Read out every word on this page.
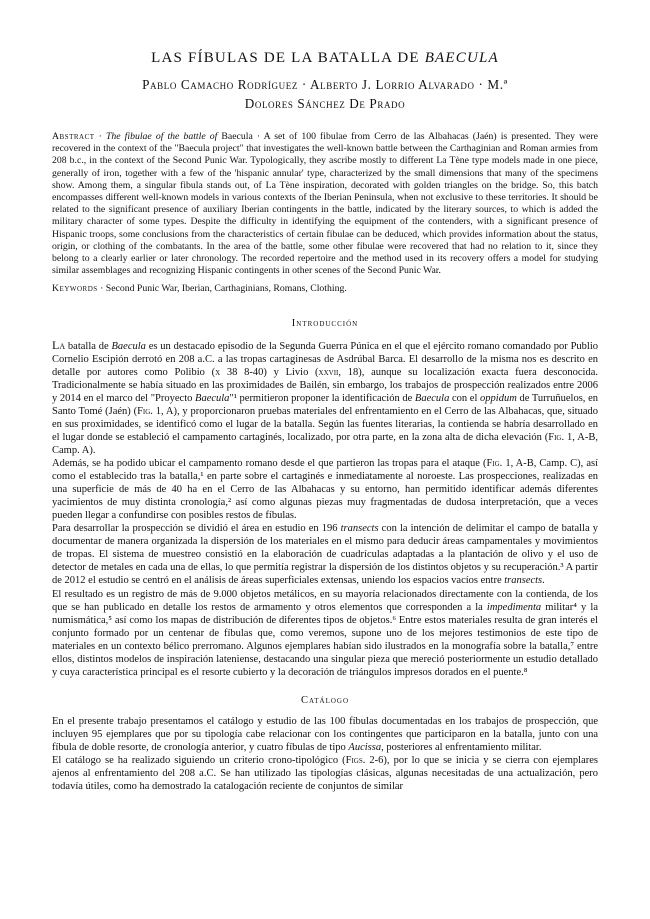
LAS FÍBULAS DE LA BATALLA DE BAECULA
Pablo Camacho Rodríguez · Alberto J. Lorrio Alvarado · M.ª
Dolores Sánchez De Prado

Abstract · The fibulae of the battle of Baecula · A set of 100 fibulae from Cerro de las Albahacas (Jaén) is presented. They were recovered in the context of the "Baecula project" that investigates the well-known battle between the Carthaginian and Roman armies from 208 b.c., in the context of the Second Punic War. Typologically, they ascribe mostly to different La Tène type models made in one piece, generally of iron, together with a few of the 'hispanic annular' type, characterized by the small dimensions that many of the specimens show. Among them, a singular fibula stands out, of La Tène inspiration, decorated with golden triangles on the bridge. So, this batch encompasses different well-known models in various contexts of the Iberian Peninsula, when not exclusive to these territories. It should be related to the significant presence of auxiliary Iberian contingents in the battle, indicated by the literary sources, to which is added the military character of some types. Despite the difficulty in identifying the equipment of the contenders, with a significant presence of Hispanic troops, some conclusions from the characteristics of certain fibulae can be deduced, which provides information about the status, origin, or clothing of the combatants. In the area of the battle, some other fibulae were recovered that had no relation to it, since they belong to a clearly earlier or later chronology. The recorded repertoire and the method used in its recovery offers a model for studying similar assemblages and recognizing Hispanic contingents in other scenes of the Second Punic War.

Keywords · Second Punic War, Iberian, Carthaginians, Romans, Clothing.

Introducción

La batalla de Baecula es un destacado episodio de la Segunda Guerra Púnica en el que el ejército romano comandado por Publio Cornelio Escipión derrotó en 208 a.C. a las tropas cartaginesas de Asdrúbal Barca. El desarrollo de la misma nos es descrito en detalle por autores como Polibio (x 38 8-40) y Livio (xxvii, 18), aunque su localización exacta fuera desconocida. Tradicionalmente se había situado en las proximidades de Bailén, sin embargo, los trabajos de prospección realizados entre 2006 y 2014 en el marco del "Proyecto Baecula"¹ permitieron proponer la identificación de Baecula con el oppidum de Turruñuelos, en Santo Tomé (Jaén) (Fig. 1, A), y proporcionaron pruebas materiales del enfrentamiento en el Cerro de las Albahacas, que, situado en sus proximidades, se identificó como el lugar de la batalla. Según las fuentes literarias, la contienda se habría desarrollado en el lugar donde se estableció el campamento cartaginés, localizado, por otra parte, en la zona alta de dicha elevación (Fig. 1, A-B, Camp. A).

Además, se ha podido ubicar el campamento romano desde el que partieron las tropas para el ataque (Fig. 1, A-B, Camp. C), así como el establecido tras la batalla,¹ en parte sobre el cartaginés e inmediatamente al noroeste. Las prospecciones, realizadas en una superficie de más de 40 ha en el Cerro de las Albahacas y su entorno, han permitido identificar además diferentes yacimientos de muy distinta cronología,² así como algunas piezas muy fragmentadas de dudosa interpretación, que a veces pueden llegar a confundirse con posibles restos de fíbulas.

Para desarrollar la prospección se dividió el área en estudio en 196 transects con la intención de delimitar el campo de batalla y documentar de manera organizada la dispersión de los materiales en el mismo para deducir áreas campamentales y movimientos de tropas. El sistema de muestreo consistió en la elaboración de cuadrículas adaptadas a la plantación de olivo y el uso de detector de metales en cada una de ellas, lo que permitía registrar la dispersión de los distintos objetos y su recuperación.³ A partir de 2012 el estudio se centró en el análisis de áreas superficiales extensas, uniendo los espacios vacíos entre transects.

El resultado es un registro de más de 9.000 objetos metálicos, en su mayoría relacionados directamente con la contienda, de los que se han publicado en detalle los restos de armamento y otros elementos que corresponden a la impedimenta militar⁴ y la numismática,⁵ así como los mapas de distribución de diferentes tipos de objetos.⁶ Entre estos materiales resulta de gran interés el conjunto formado por un centenar de fíbulas que, como veremos, supone uno de los mejores testimonios de este tipo de materiales en un contexto bélico prerromano. Algunos ejemplares habían sido ilustrados en la monografía sobre la batalla,⁷ entre ellos, distintos modelos de inspiración lateniense, destacando una singular pieza que mereció posteriormente un estudio detallado y cuya característica principal es el resorte cubierto y la decoración de triángulos impresos dorados en el puente.⁸

Catálogo

En el presente trabajo presentamos el catálogo y estudio de las 100 fíbulas documentadas en los trabajos de prospección, que incluyen 95 ejemplares que por su tipología cabe relacionar con los contingentes que participaron en la batalla, junto con una fíbula de doble resorte, de cronología anterior, y cuatro fíbulas de tipo Aucissa, posteriores al enfrentamiento militar.

El catálogo se ha realizado siguiendo un criterio crono-tipológico (Figs. 2-6), por lo que se inicia y se cierra con ejemplares ajenos al enfrentamiento del 208 a.C. Se han utilizado las tipologías clásicas, algunas necesitadas de una actualización, pero todavía útiles, como ha demostrado la catalogación reciente de conjuntos de similar
